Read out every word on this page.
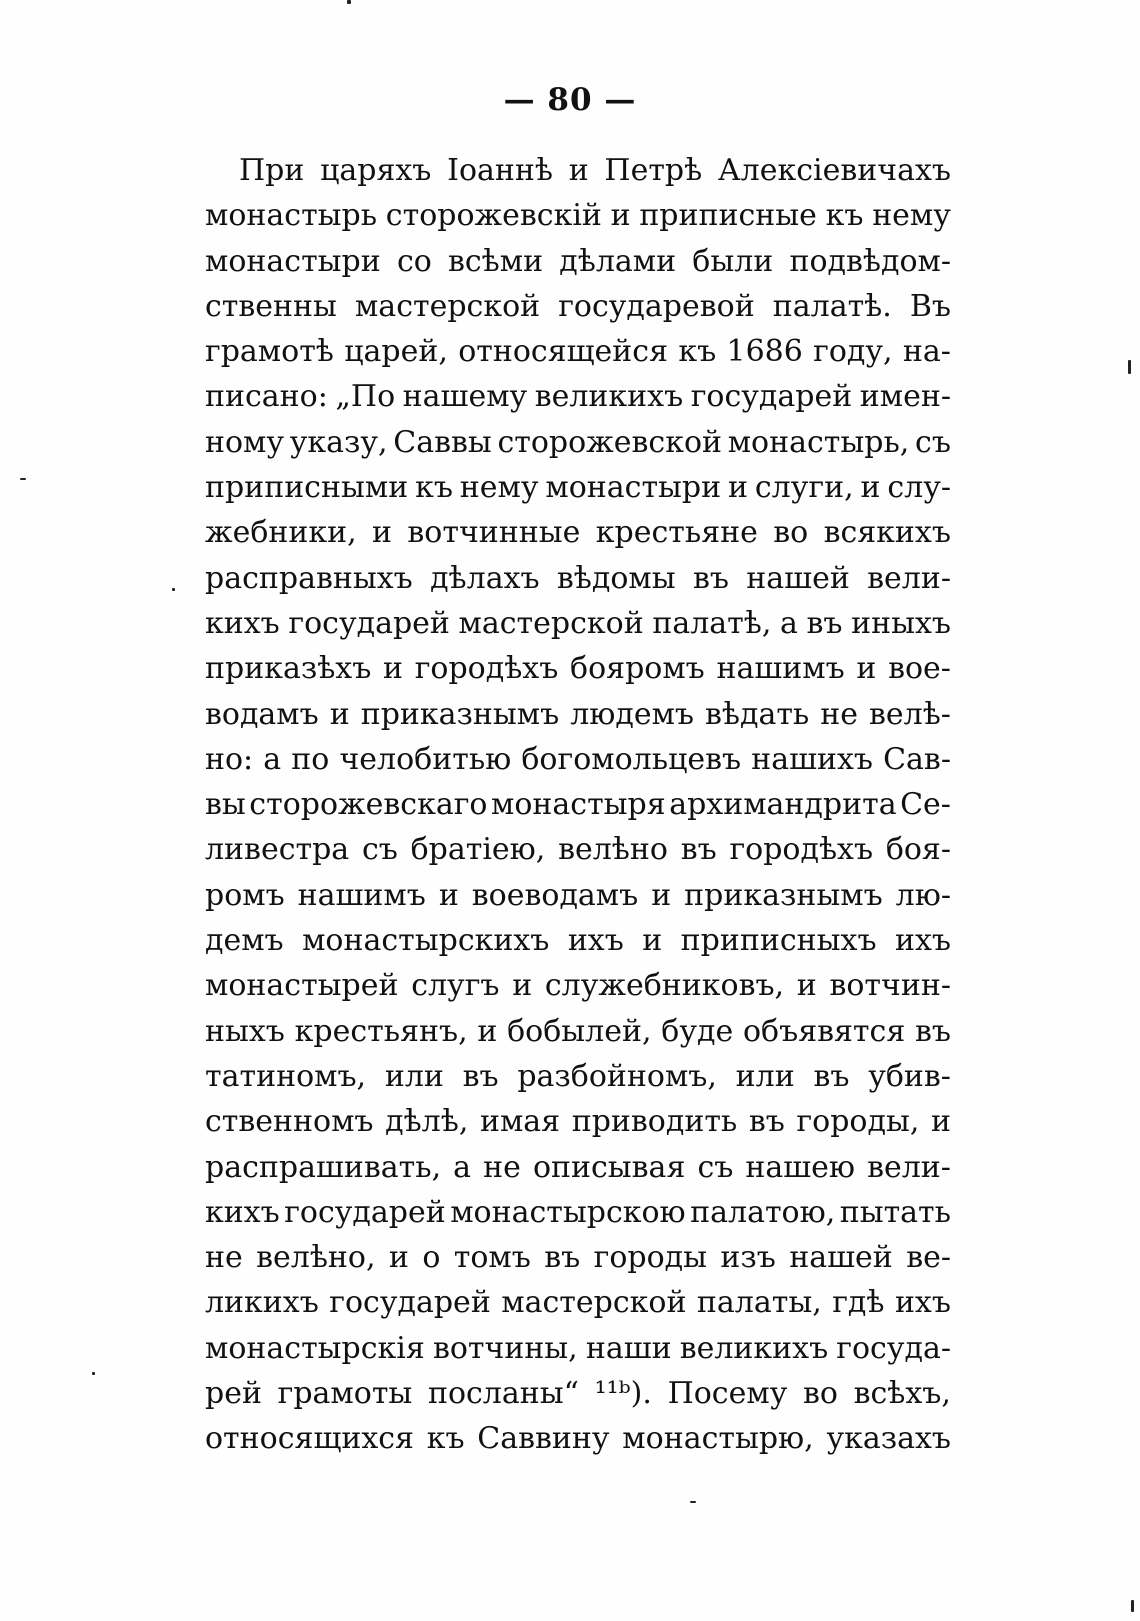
— 80 —
При царяхъ Іоаннѣ и Петрѣ Алексіевичахъ
монастырь сторожевскій и приписные къ нему
монастыри со всѣми дѣлами были подвѣдом-
ственны мастерской государевой палатѣ. Въ
грамотѣ царей, относящейся къ 1686 году, на-
писано: „По нашему великихъ государей имен-
ному указу, Саввы сторожевской монастырь, съ
приписными къ нему монастыри и слуги, и слу-
жебники, и вотчинные крестьяне во всякихъ
расправныхъ дѣлахъ вѣдомы въ нашей вели-
кихъ государей мастерской палатѣ, а въ иныхъ
приказѣхъ и городѣхъ бояромъ нашимъ и вое-
водамъ и приказнымъ людемъ вѣдать не велѣ-
но: а по челобитью богомольцевъ нашихъ Сав-
вы сторожевскаго монастыря архимандрита Се-
ливестра съ братіею, велѣно въ городѣхъ боя-
ромъ нашимъ и воеводамъ и приказнымъ лю-
демъ монастырскихъ ихъ и приписныхъ ихъ
монастырей слугъ и служебниковъ, и вотчин-
ныхъ крестьянъ, и бобылей, буде объявятся въ
татиномъ, или въ разбойномъ, или въ убив-
ственномъ дѣлѣ, имая приводить въ городы, и
распрашивать, а не описывая съ нашею вели-
кихъ государей монастырскою палатою, пытать
не велѣно, и о томъ въ городы изъ нашей ве-
ликихъ государей мастерской палаты, гдѣ ихъ
монастырскія вотчины, наши великихъ госуда-
рей грамоты посланы“ ¹¹ᵇ). Посему во всѣхъ,
относящихся къ Саввину монастырю, указахъ
